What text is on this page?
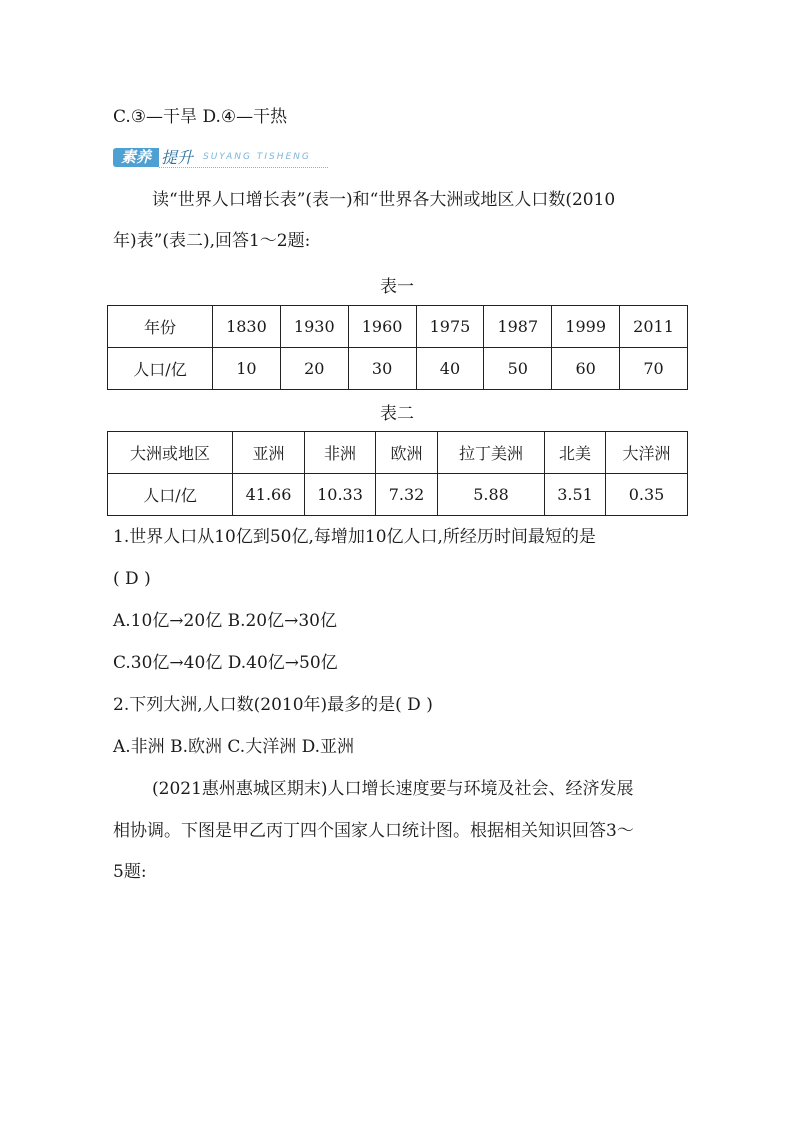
C.③—干旱 D.④—干热
素养 提升 SUYANG TISHENG
读“世界人口增长表”(表一)和“世界各大洲或地区人口数(2010
年)表”(表二),回答1～2题:
表一
年份	1830	1930	1960	1975	1987	1999	2011
人口/亿	10	20	30	40	50	60	70
表二
大洲或地区	亚洲	非洲	欧洲	拉丁美洲	北美	大洋洲
人口/亿	41.66	10.33	7.32	5.88	3.51	0.35
1.世界人口从10亿到50亿,每增加10亿人口,所经历时间最短的是
( D )
A.10亿→20亿 B.20亿→30亿
C.30亿→40亿 D.40亿→50亿
2.下列大洲,人口数(2010年)最多的是( D )
A.非洲 B.欧洲 C.大洋洲 D.亚洲
(2021惠州惠城区期末)人口增长速度要与环境及社会、经济发展
相协调。下图是甲乙丙丁四个国家人口统计图。根据相关知识回答3～
5题:
